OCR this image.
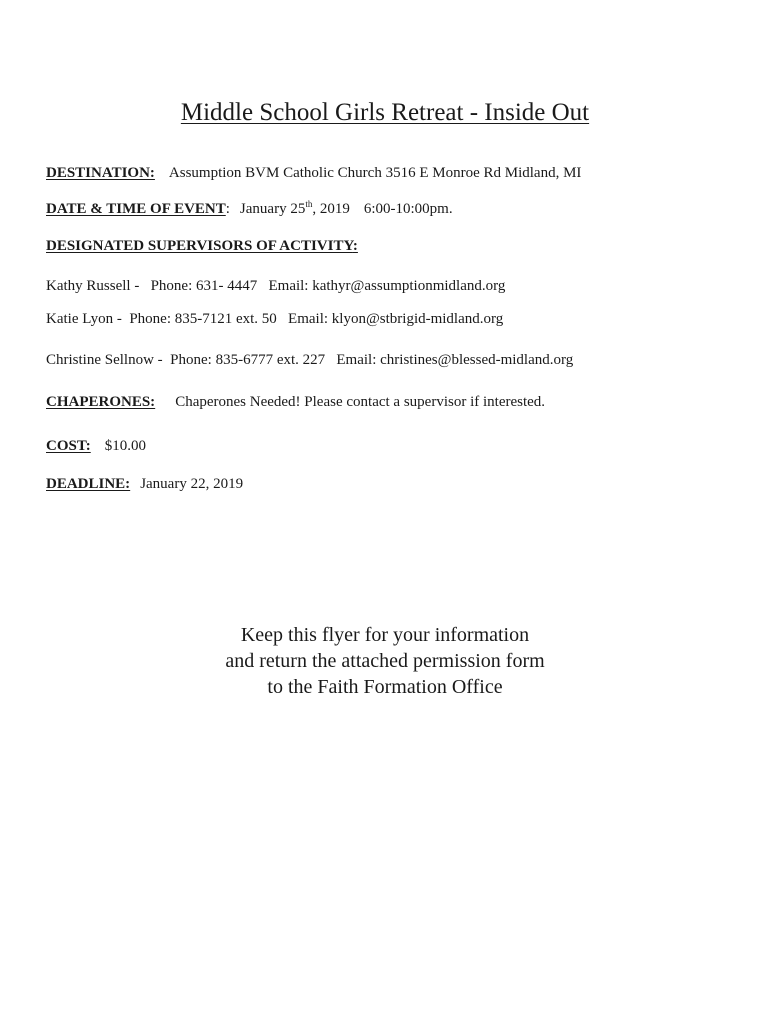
Middle School Girls Retreat - Inside Out
DESTINATION: Assumption BVM Catholic Church 3516 E Monroe Rd Midland, MI
DATE & TIME OF EVENT: January 25th, 2019 6:00-10:00pm.
DESIGNATED SUPERVISORS OF ACTIVITY:
Kathy Russell -   Phone: 631- 4447   Email: kathyr@assumptionmidland.org
Katie Lyon -  Phone: 835-7121 ext. 50   Email: klyon@stbrigid-midland.org
Christine Sellnow -  Phone: 835-6777 ext. 227   Email: christines@blessed-midland.org
CHAPERONES: Chaperones Needed! Please contact a supervisor if interested.
COST: $10.00
DEADLINE: January 22, 2019
Keep this flyer for your information
and return the attached permission form
to the Faith Formation Office
